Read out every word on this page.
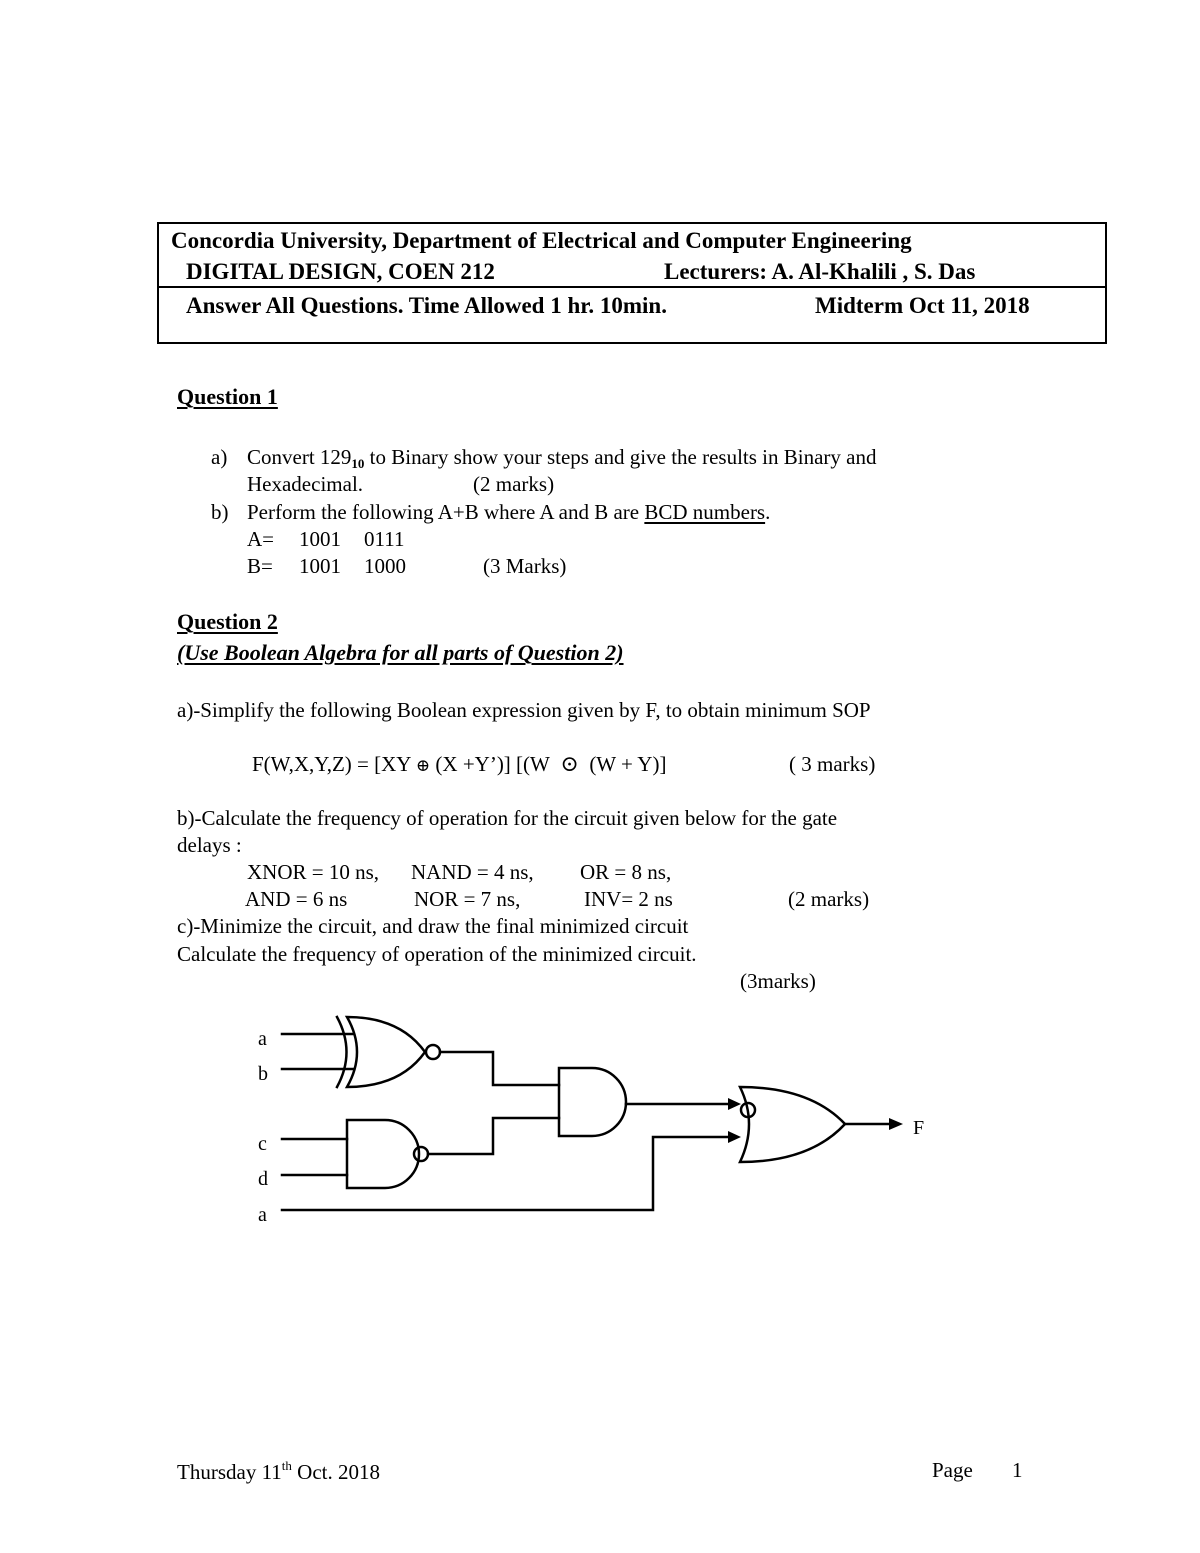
Concordia University, Department of Electrical and Computer Engineering
DIGITAL DESIGN, COEN 212	Lecturers: A. Al-Khalili , S. Das
Answer All Questions. Time Allowed 1 hr. 10min.	Midterm Oct 11, 2018
Question 1
a) Convert $129_{10}$ to Binary show your steps and give the results in Binary and
Hexadecimal.	(2 marks)
b) Perform the following A+B where A and B are BCD numbers.
A= 1001 0111
B= 1001 1000	(3 Marks)
Question 2
(Use Boolean Algebra for all parts of Question 2)
a)-Simplify the following Boolean expression given by F, to obtain minimum SOP
F(W,X,Y,Z) = [XY ⊕ (X +Y’)] [(W ⊙  (W + Y)]	( 3 marks)
b)-Calculate the frequency of operation for the circuit given below for the gate
delays :
XNOR = 10 ns, NAND = 4 ns, OR = 8 ns,
AND = 6 ns	NOR = 7 ns,	INV= 2 ns	(2 marks)
c)-Minimize the circuit, and draw the final minimized circuit
Calculate the frequency of operation of the minimized circuit.
(3marks)
a
b
c
d
a
F
Thursday 11th Oct. 2018	Page 1
